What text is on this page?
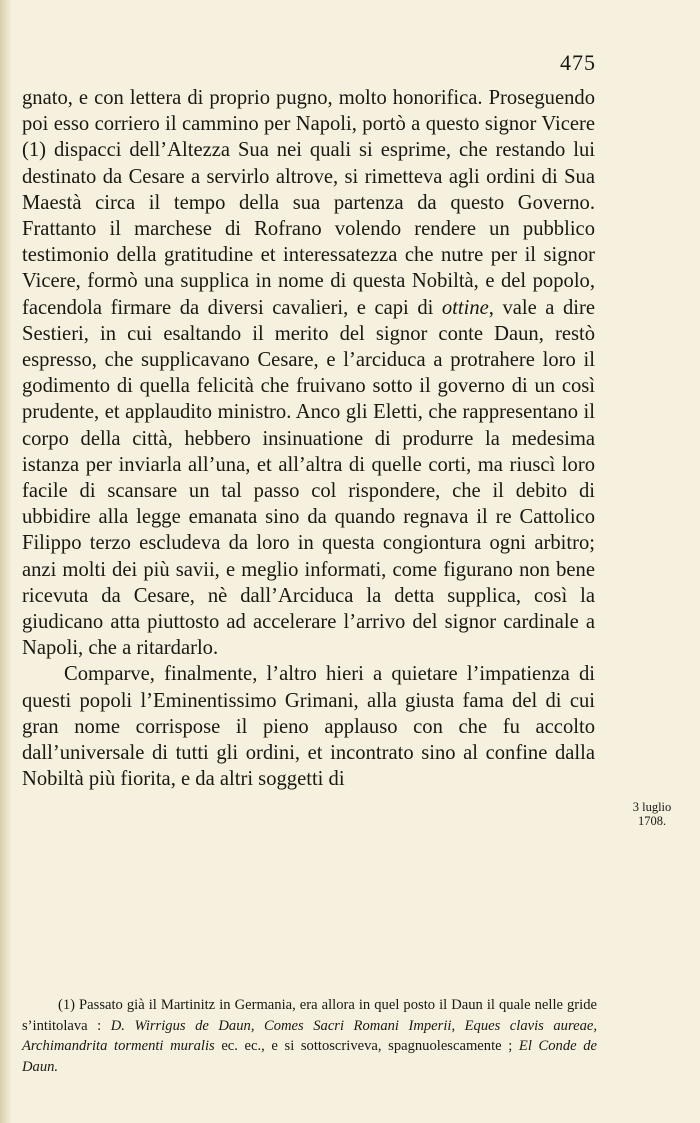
475

gnato, e con lettera di proprio pugno, molto honorifica. Proseguendo poi esso corriero il cammino per Napoli, portò a questo signor Vicere (1) dispacci dell’Altezza Sua nei quali si esprime, che restando lui destinato da Cesare a servirlo altrove, si rimetteva agli ordini di Sua Maestà circa il tempo della sua partenza da questo Governo. Frattanto il marchese di Rofrano volendo rendere un pubblico testimonio della gratitudine et interessatezza che nutre per il signor Vicere, formò una supplica in nome di questa Nobiltà, e del popolo, facendola firmare da diversi cavalieri, e capi di ottine, vale a dire Sestieri, in cui esaltando il merito del signor conte Daun, restò espresso, che supplicavano Cesare, e l’arciduca a protrahere loro il godimento di quella felicità che fruivano sotto il governo di un così prudente, et applaudito ministro. Anco gli Eletti, che rappresentano il corpo della città, hebbero insinuatione di produrre la medesima istanza per inviarla all’una, et all’altra di quelle corti, ma riuscì loro facile di scansare un tal passo col rispondere, che il debito di ubbidire alla legge emanata sino da quando regnava il re Cattolico Filippo terzo escludeva da loro in questa congiontura ogni arbitro; anzi molti dei più savii, e meglio informati, come figurano non bene ricevuta da Cesare, nè dall’Arciduca la detta supplica, così la giudicano atta piuttosto ad accelerare l’arrivo del signor cardinale a Napoli, che a ritardarlo.

Comparve, finalmente, l’altro hieri a quietare l’impatienza di questi popoli l’Eminentissimo Grimani, alla giusta fama del di cui gran nome corrispose il pieno applauso con che fu accolto dall’universale di tutti gli ordini, et incontrato sino al confine dalla Nobiltà più fiorita, e da altri soggetti di

3 luglio
1708.

(1) Passato già il Martinitz in Germania, era allora in quel posto il Daun il quale nelle gride s’intitolava : D. Wirrigus de Daun, Comes Sacri Romani Imperii, Eques clavis aureae, Archimandrita tormenti muralis ec. ec., e si sottoscriveva, spagnuolescamente ; El Conde de Daun.
